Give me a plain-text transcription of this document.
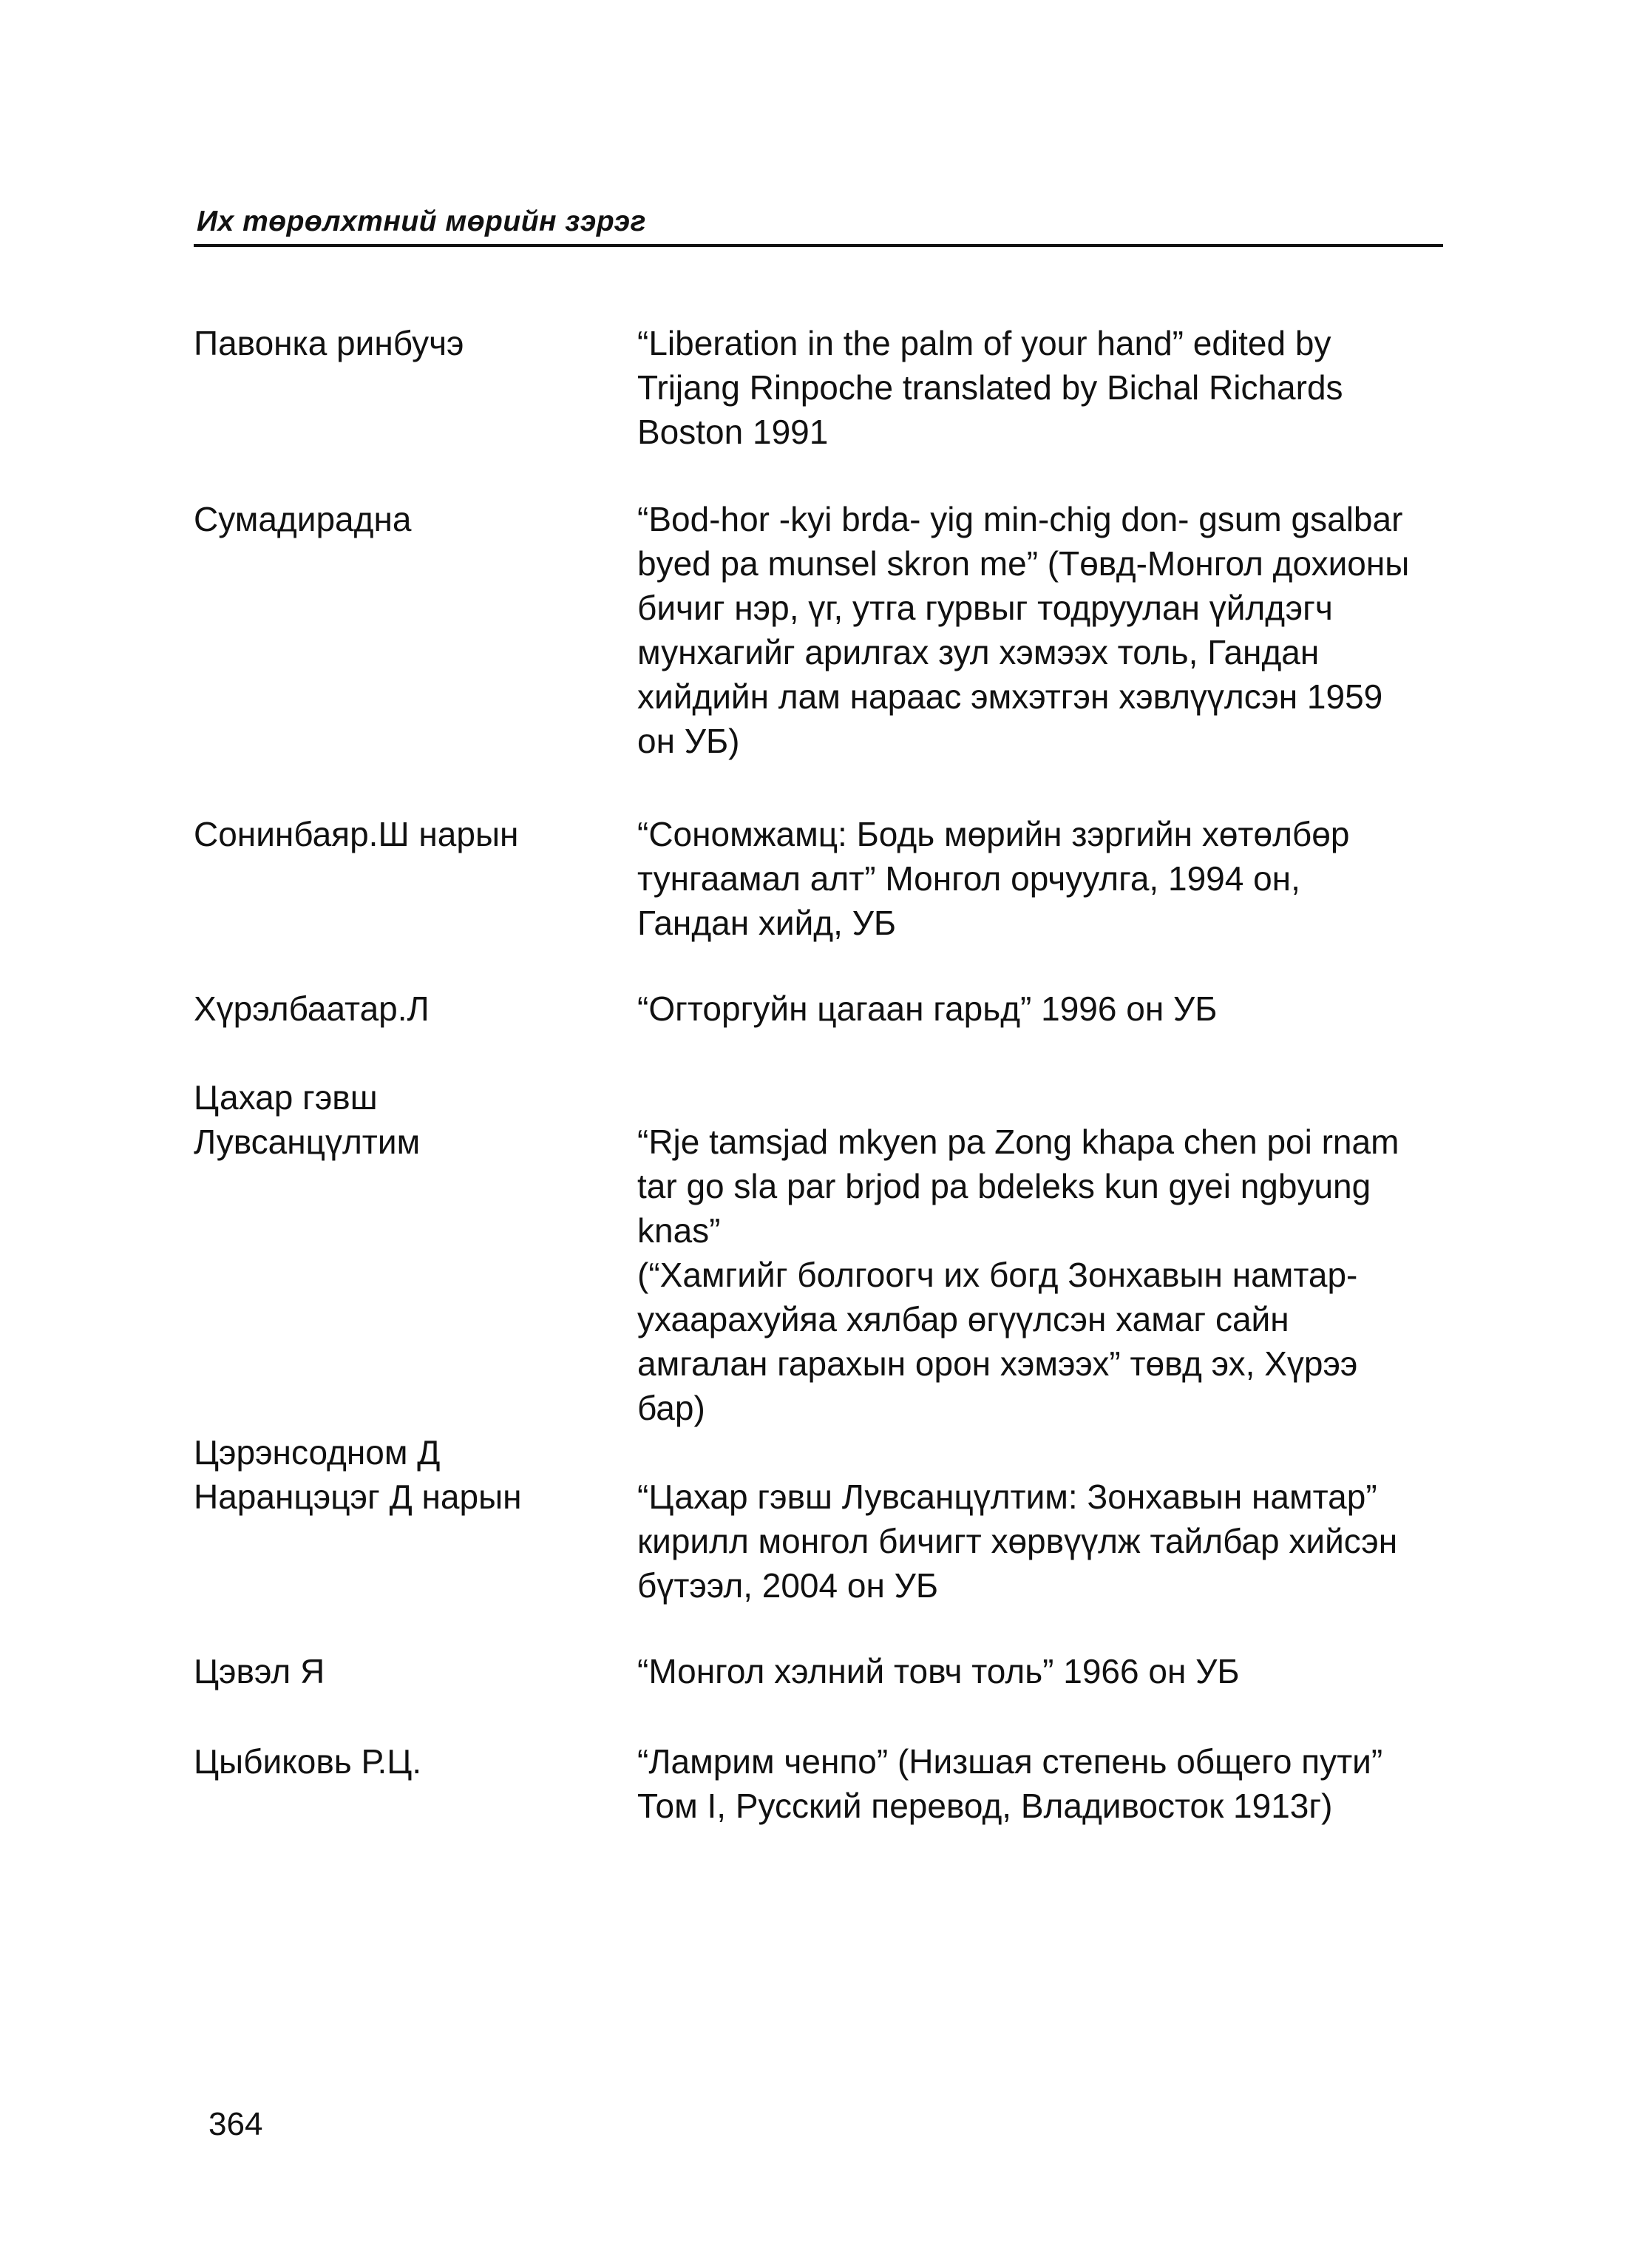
Их төрөлхтний мөрийн зэрэг
Павонка ринбучэ	“Liberation in the palm of your hand” edited by
Trijang Rinpoche translated by Bichal Richards
Boston 1991
Сумадирадна	“Bod-hor -kyi brda- yig min-chig don- gsum gsalbar
byed pa munsel skron me” (Төвд-Монгол дохионы
бичиг нэр, үг, утга гурвыг тодруулан үйлдэгч
мунхагийг арилгах зул хэмээх толь, Гандан
хийдийн лам нараас эмхэтгэн хэвлүүлсэн 1959
он УБ)
Сонинбаяр.Ш нарын	“Сономжамц: Бодь мөрийн зэргийн хөтөлбөр
тунгаамал алт” Монгол орчуулга, 1994 он,
Гандан хийд, УБ
Хүрэлбаатар.Л	“Огторгуйн цагаан гарьд” 1996 он УБ
Цахар гэвш
Лувсанцүлтим
	“Rje tamsjad mkyen pa Zong khapa chen poi rnam
tar go sla par brjod pa bdeleks kun gyei ngbyung
knas”
(“Хамгийг болгоогч их богд Зонхавын намтар-
ухаарахуйяа хялбар өгүүлсэн хамаг сайн
амгалан гарахын орон хэмээх” төвд эх, Хүрээ
бар)
Цэрэнсодном Д
Наранцэцэг Д нарын
	“Цахар гэвш Лувсанцүлтим: Зонхавын намтар”
кирилл монгол бичигт хөрвүүлж тайлбар хийсэн
бүтээл, 2004 он УБ
Цэвэл Я	“Монгол хэлний товч толь” 1966 он УБ
Цыбиковь Р.Ц.	“Ламрим ченпо” (Низшая степень общего пути”
Том I, Русский перевод, Владивосток 1913г)
364
